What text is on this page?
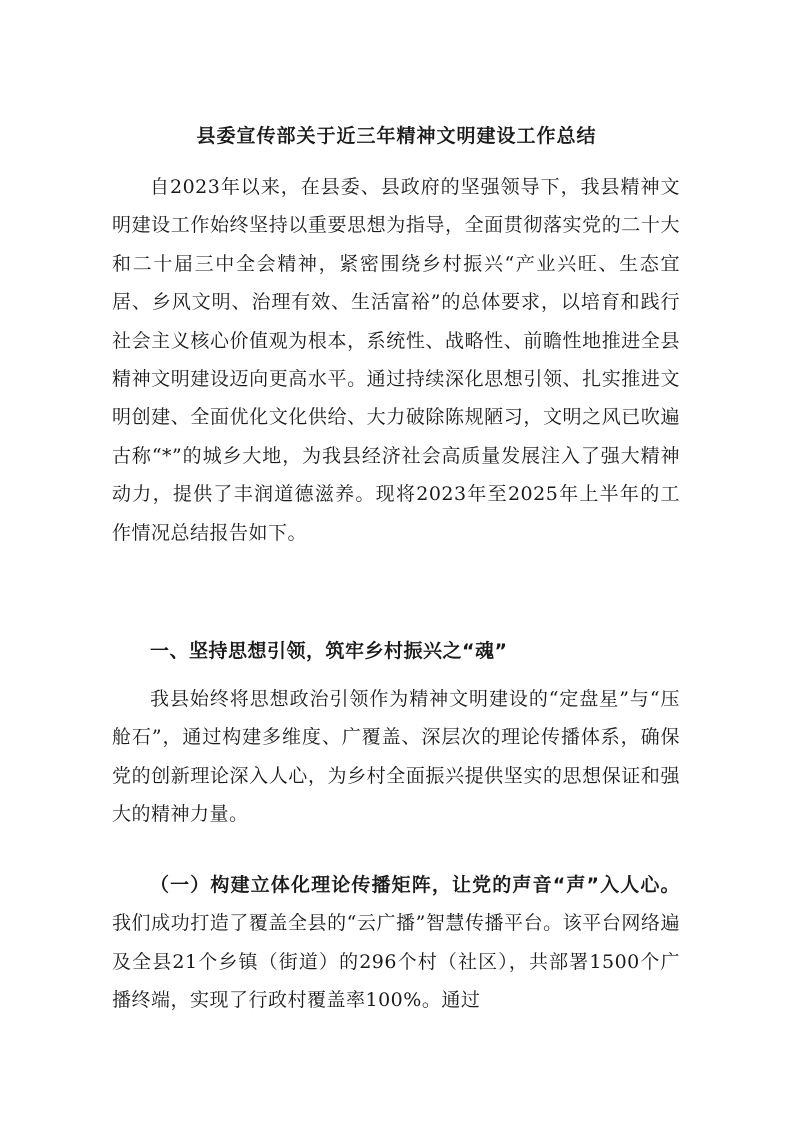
县委宣传部关于近三年精神文明建设工作总结

自2023年以来，在县委、县政府的坚强领导下，我县精神文明建设工作始终坚持以重要思想为指导，全面贯彻落实党的二十大和二十届三中全会精神，紧密围绕乡村振兴“产业兴旺、生态宜居、乡风文明、治理有效、生活富裕”的总体要求，以培育和践行社会主义核心价值观为根本，系统性、战略性、前瞻性地推进全县精神文明建设迈向更高水平。通过持续深化思想引领、扎实推进文明创建、全面优化文化供给、大力破除陈规陋习，文明之风已吹遍古称“*”的城乡大地，为我县经济社会高质量发展注入了强大精神动力，提供了丰润道德滋养。现将2023年至2025年上半年的工作情况总结报告如下。

一、坚持思想引领，筑牢乡村振兴之“魂”

我县始终将思想政治引领作为精神文明建设的“定盘星”与“压舱石”，通过构建多维度、广覆盖、深层次的理论传播体系，确保党的创新理论深入人心，为乡村全面振兴提供坚实的思想保证和强大的精神力量。

（一）构建立体化理论传播矩阵，让党的声音“声”入人心。我们成功打造了覆盖全县的“云广播”智慧传播平台。该平台网络遍及全县21个乡镇（街道）的296个村（社区），共部署1500个广播终端，实现了行政村覆盖率100%。通过
